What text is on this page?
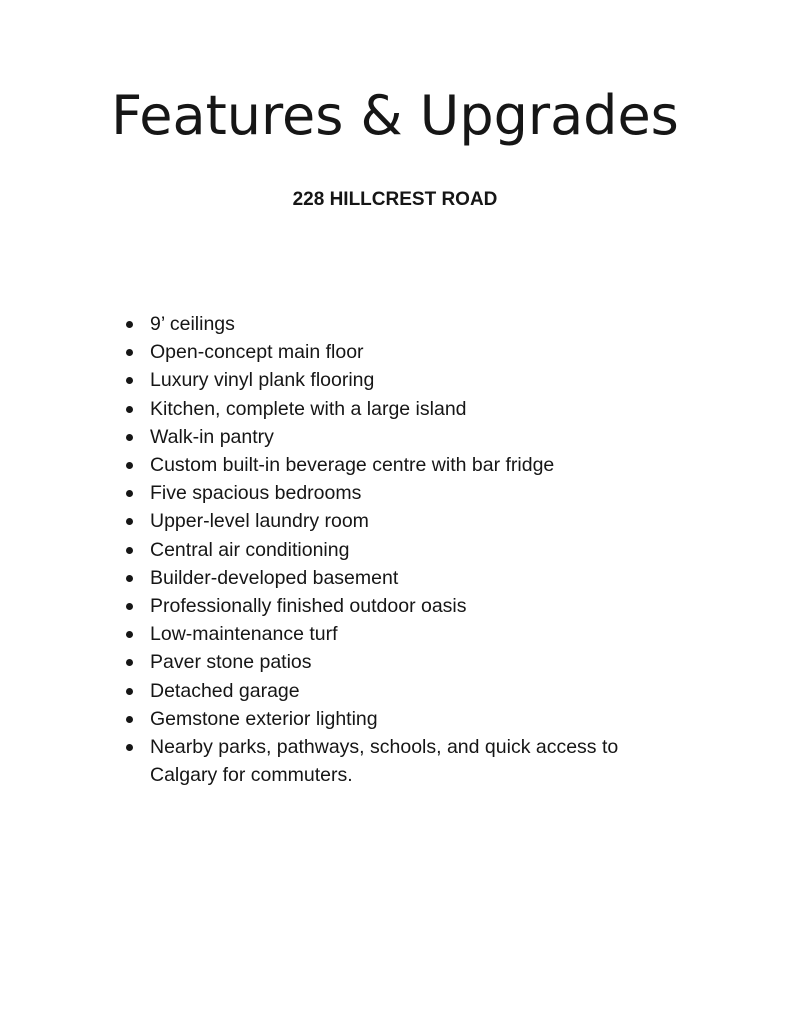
Features & Upgrades
228 HILLCREST ROAD
9’ ceilings
Open-concept main floor
Luxury vinyl plank flooring
Kitchen, complete with a large island
Walk-in pantry
Custom built-in beverage centre with bar fridge
Five spacious bedrooms
Upper-level laundry room
Central air conditioning
Builder-developed basement
Professionally finished outdoor oasis
Low-maintenance turf
Paver stone patios
Detached garage
Gemstone exterior lighting
Nearby parks, pathways, schools, and quick access to Calgary for commuters.
